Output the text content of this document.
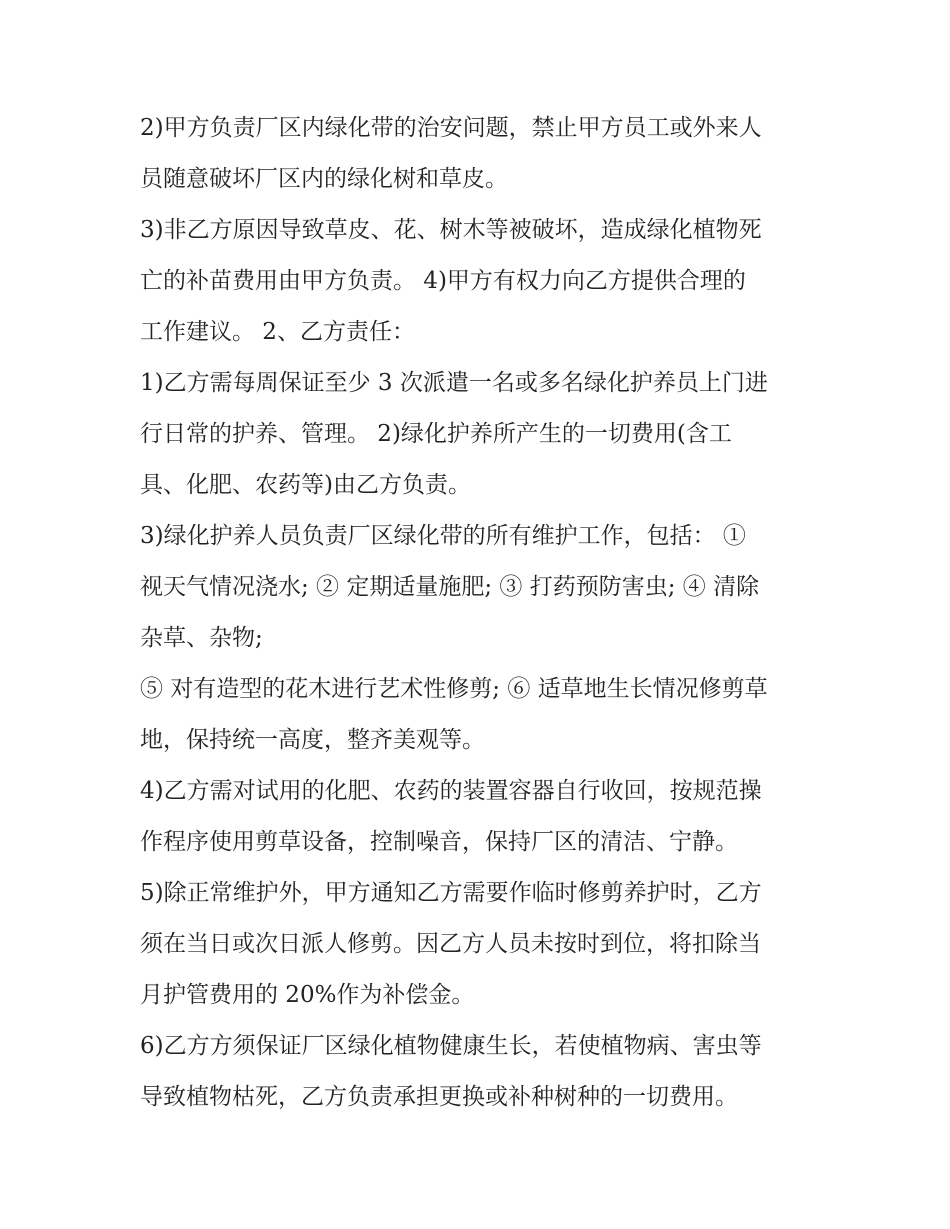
2)甲方负责厂区内绿化带的治安问题，禁止甲方员工或外来人
员随意破坏厂区内的绿化树和草皮。

3)非乙方原因导致草皮、花、树木等被破坏，造成绿化植物死
亡的补苗费用由甲方负责。 4)甲方有权力向乙方提供合理的
工作建议。 2、乙方责任：

1)乙方需每周保证至少 3 次派遣一名或多名绿化护养员上门进
行日常的护养、管理。 2)绿化护养所产生的一切费用(含工
具、化肥、农药等)由乙方负责。

3)绿化护养人员负责厂区绿化带的所有维护工作，包括： ①
视天气情况浇水; ② 定期适量施肥; ③ 打药预防害虫; ④ 清除
杂草、杂物;

⑤ 对有造型的花木进行艺术性修剪; ⑥ 适草地生长情况修剪草
地，保持统一高度，整齐美观等。

4)乙方需对试用的化肥、农药的装置容器自行收回，按规范操
作程序使用剪草设备，控制噪音，保持厂区的清洁、宁静。

5)除正常维护外，甲方通知乙方需要作临时修剪养护时，乙方
须在当日或次日派人修剪。因乙方人员未按时到位，将扣除当
月护管费用的 20%作为补偿金。

6)乙方方须保证厂区绿化植物健康生长，若使植物病、害虫等
导致植物枯死，乙方负责承担更换或补种树种的一切费用。
